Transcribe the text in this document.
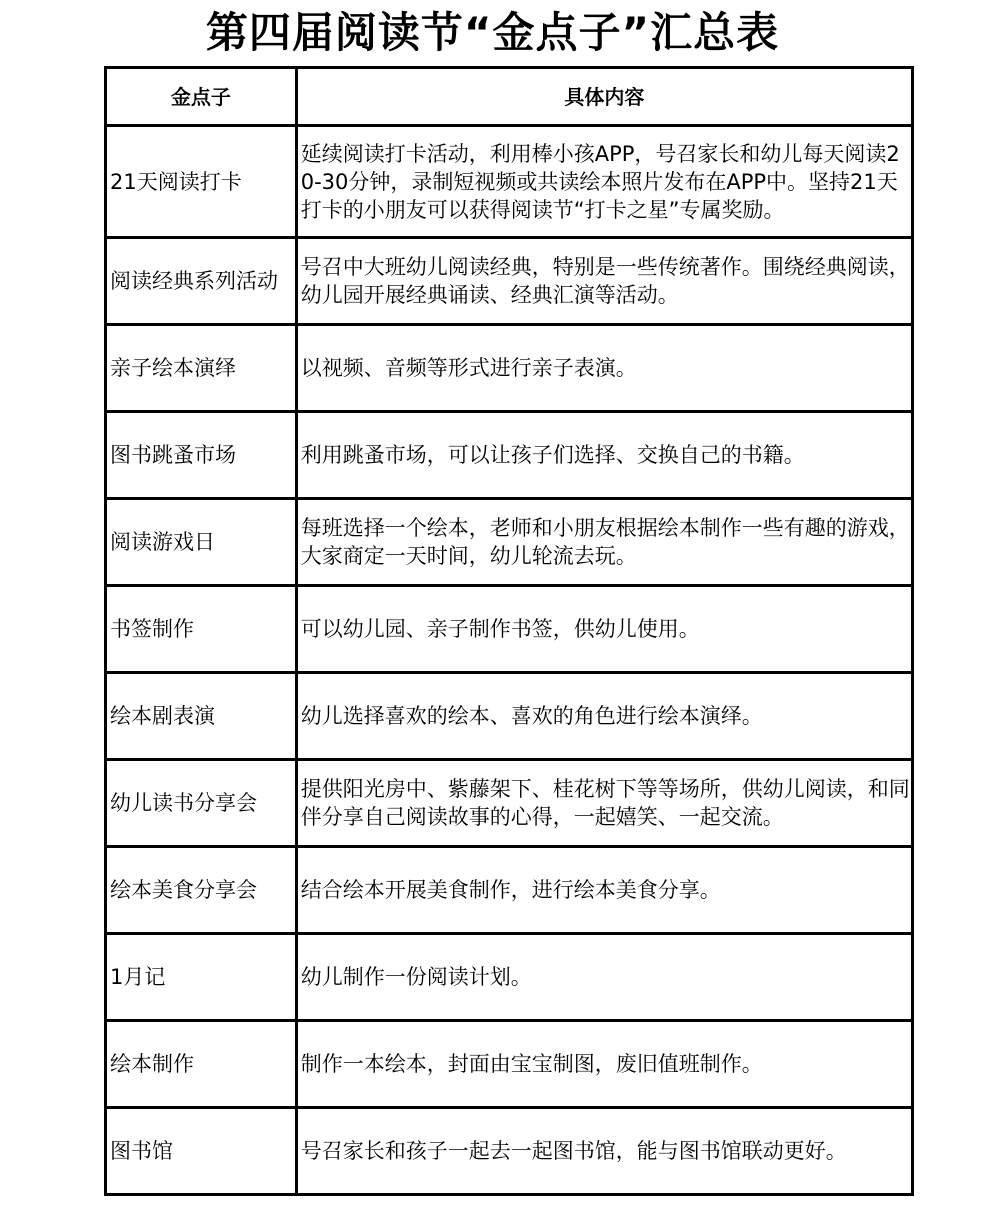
第四届阅读节“金点子”汇总表
金点子	具体内容
21天阅读打卡	延续阅读打卡活动，利用棒小孩APP，号召家长和幼儿每天阅读20-30分钟，录制短视频或共读绘本照片发布在APP中。坚持21天打卡的小朋友可以获得阅读节“打卡之星”专属奖励。
阅读经典系列活动	号召中大班幼儿阅读经典，特别是一些传统著作。围绕经典阅读，幼儿园开展经典诵读、经典汇演等活动。
亲子绘本演绎	以视频、音频等形式进行亲子表演。
图书跳蚤市场	利用跳蚤市场，可以让孩子们选择、交换自己的书籍。
阅读游戏日	每班选择一个绘本，老师和小朋友根据绘本制作一些有趣的游戏，大家商定一天时间，幼儿轮流去玩。
书签制作	可以幼儿园、亲子制作书签，供幼儿使用。
绘本剧表演	幼儿选择喜欢的绘本、喜欢的角色进行绘本演绎。
幼儿读书分享会	提供阳光房中、紫藤架下、桂花树下等等场所，供幼儿阅读，和同伴分享自己阅读故事的心得，一起嬉笑、一起交流。
绘本美食分享会	结合绘本开展美食制作，进行绘本美食分享。
1月记	幼儿制作一份阅读计划。
绘本制作	制作一本绘本，封面由宝宝制图，废旧值班制作。
图书馆	号召家长和孩子一起去一起图书馆，能与图书馆联动更好。
